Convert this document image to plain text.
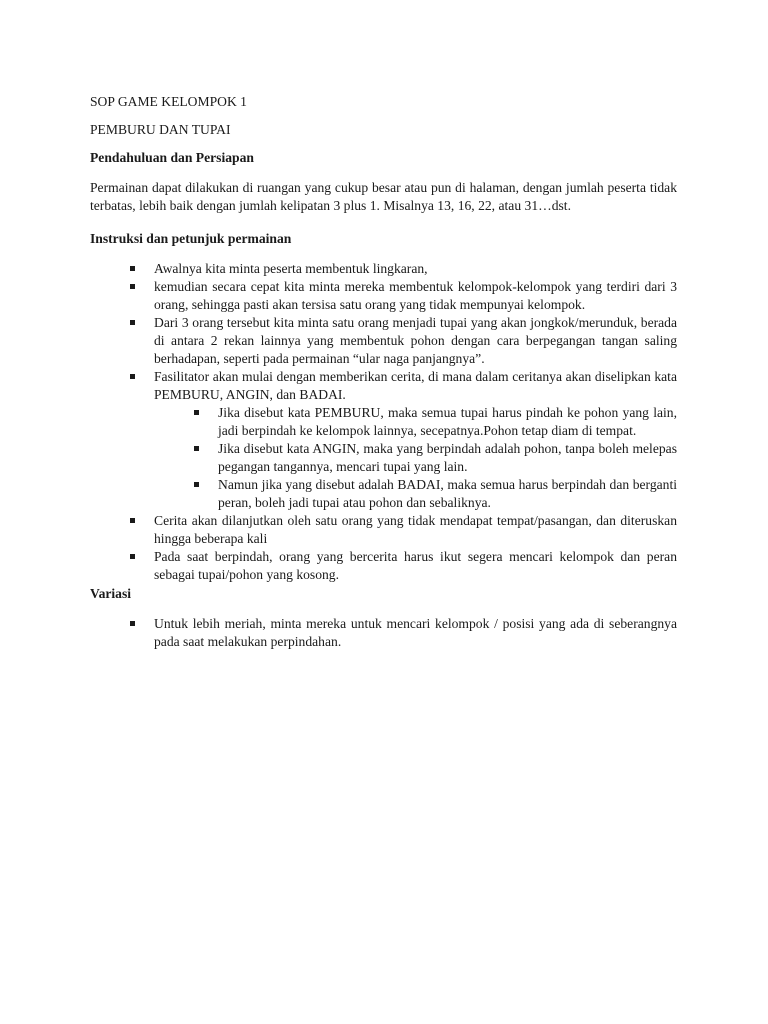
SOP GAME KELOMPOK 1

PEMBURU DAN TUPAI

Pendahuluan dan Persiapan

Permainan dapat dilakukan di ruangan yang cukup besar atau pun di halaman, dengan jumlah peserta tidak terbatas, lebih baik dengan jumlah kelipatan 3 plus 1. Misalnya 13, 16, 22, atau 31…dst.

Instruksi dan petunjuk permainan

Awalnya kita minta peserta membentuk lingkaran,
kemudian secara cepat kita minta mereka membentuk kelompok-kelompok yang terdiri dari 3 orang, sehingga pasti akan tersisa satu orang yang tidak mempunyai kelompok.
Dari 3 orang tersebut kita minta satu orang menjadi tupai yang akan jongkok/merunduk, berada di antara 2 rekan lainnya yang membentuk pohon dengan cara berpegangan tangan saling berhadapan, seperti pada permainan “ular naga panjangnya”.
Fasilitator akan mulai dengan memberikan cerita, di mana dalam ceritanya akan diselipkan kata PEMBURU, ANGIN, dan BADAI.
Jika disebut kata PEMBURU, maka semua tupai harus pindah ke pohon yang lain, jadi berpindah ke kelompok lainnya, secepatnya.Pohon tetap diam di tempat.
Jika disebut kata ANGIN, maka yang berpindah adalah pohon, tanpa boleh melepas pegangan tangannya, mencari tupai yang lain.
Namun jika yang disebut adalah BADAI, maka semua harus berpindah dan berganti peran, boleh jadi tupai atau pohon dan sebaliknya.
Cerita akan dilanjutkan oleh satu orang yang tidak mendapat tempat/pasangan, dan diteruskan hingga beberapa kali
Pada saat berpindah, orang yang bercerita harus ikut segera mencari kelompok dan peran sebagai tupai/pohon yang kosong.

Variasi

Untuk lebih meriah, minta mereka untuk mencari kelompok / posisi yang ada di seberangnya pada saat melakukan perpindahan.
